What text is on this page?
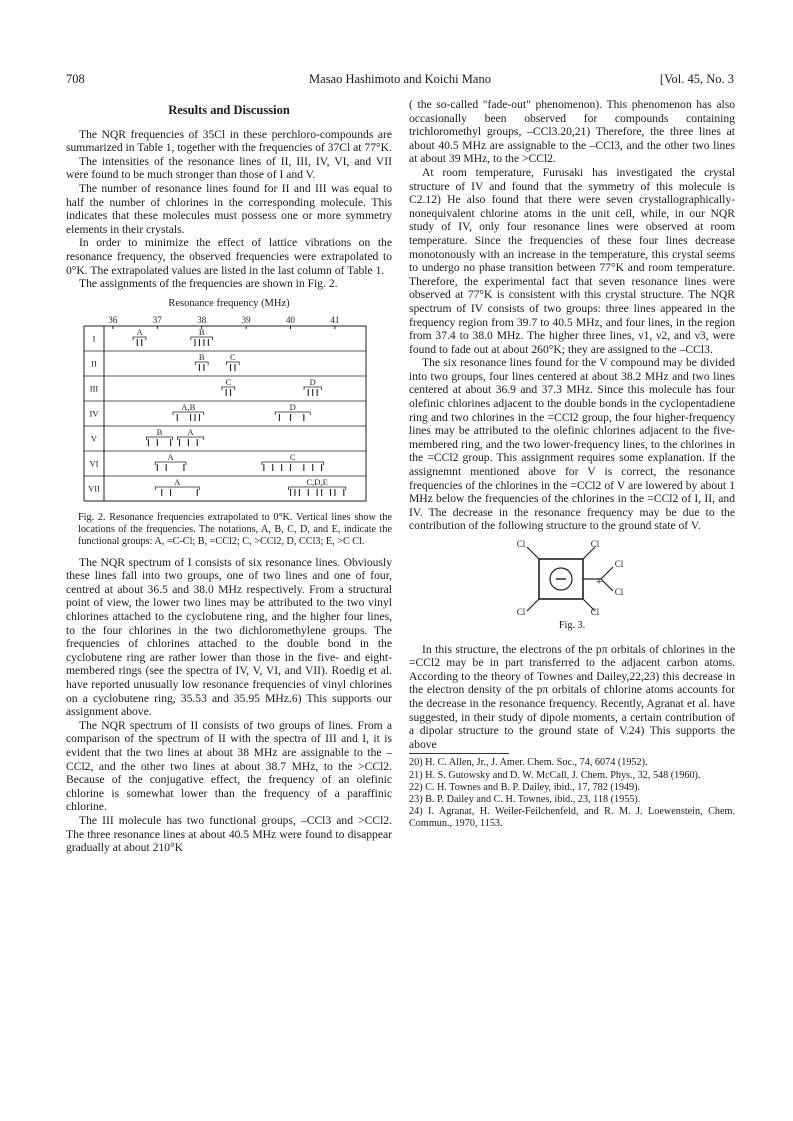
708	Masao Hashimoto and Koichi Mano	[Vol. 45, No. 3
Results and Discussion

The NQR frequencies of 35Cl in these perchloro-compounds are summarized in Table 1, together with the frequencies of 37Cl at 77°K.

The intensities of the resonance lines of II, III, IV, VI, and VII were found to be much stronger than those of I and V.

The number of resonance lines found for II and III was equal to half the number of chlorines in the corresponding molecule. This indicates that these molecules must possess one or more symmetry elements in their crystals.

In order to minimize the effect of lattice vibrations on the resonance frequency, the observed frequencies were extrapolated to 0°K. The extrapolated values are listed in the last column of Table 1.

The assignments of the frequencies are shown in Fig. 2.

Resonance frequency (MHz)
36	37	38	39	40	41
I
A	B
II
B	C
III
C	D
IV
A,B	D
V
B	A
VI
A	C
VII
A	C,D,E
Fig. 2. Resonance frequencies extrapolated to 0°K. Vertical lines show the locations of the frequencies. The notations, A, B, C, D, and E, indicate the functional groups: A, =C-Cl; B, =CCl2; C, >CCl2, D, CCl3; E, >C Cl.

The NQR spectrum of I consists of six resonance lines. Obviously these lines fall into two groups, one of two lines and one of four, centred at about 36.5 and 38.0 MHz respectively. From a structural point of view, the lower two lines may be attributed to the two vinyl chlorines attached to the cyclobutene ring, and the higher four lines, to the four chlorines in the two dichloromethylene groups. The frequencies of chlorines attached to the double bond in the cyclobutene ring are rather lower than those in the five- and eight-membered rings (see the spectra of IV, V, VI, and VII). Roedig et al. have reported unusually low resonance frequencies of vinyl chlorines on a cyclobutene ring, 35.53 and 35.95 MHz.6) This supports our assignment above.

The NQR spectrum of II consists of two groups of lines. From a comparison of the spectrum of II with the spectra of III and I, it is evident that the two lines at about 38 MHz are assignable to the –CCl2, and the other two lines at about 38.7 MHz, to the >CCl2. Because of the conjugative effect, the frequency of an olefinic chlorine is somewhat lower than the frequency of a paraffinic chlorine.

The III molecule has two functional groups, –CCl3 and >CCl2. The three resonance lines at about 40.5 MHz were found to disappear gradually at about 210°K

( the so-called "fade-out" phenomenon). This phenomenon has also occasionally been observed for compounds containing trichloromethyl groups, –CCl3.20,21) Therefore, the three lines at about 40.5 MHz are assignable to the –CCl3, and the other two lines at about 39 MHz, to the >CCl2.

At room temperature, Furusaki has investigated the crystal structure of IV and found that the symmetry of this molecule is C2.12) He also found that there were seven crystallographically-nonequivalent chlorine atoms in the unit cell, while, in our NQR study of IV, only four resonance lines were observed at room temperature. Since the frequencies of these four lines decrease monotonously with an increase in the temperature, this crystal seems to undergo no phase transition between 77°K and room temperature. Therefore, the experimental fact that seven resonance lines were observed at 77°K is consistent with this crystal structure. The NQR spectrum of IV consists of two groups: three lines appeared in the frequency region from 39.7 to 40.5 MHz, and four lines, in the region from 37.4 to 38.0 MHz. The higher three lines, ν1, ν2, and ν3, were found to fade out at about 260°K; they are assigned to the –CCl3.

The six resonance lines found for the V compound may be divided into two groups, four lines centered at about 38.2 MHz and two lines centered at about 36.9 and 37.3 MHz. Since this molecule has four olefinic chlorines adjacent to the double bonds in the cyclopentadiene ring and two chlorines in the =CCl2 group, the four higher-frequency lines may be attributed to the olefinic chlorines adjacent to the five-membered ring, and the two lower-frequency lines, to the chlorines in the =CCl2 group. This assignment requires some explanation. If the assignemnt mentioned above for V is correct, the resonance frequencies of the chlorines in the =CCl2 of V are lowered by about 1 MHz below the frequencies of the chlorines in the =CCl2 of I, II, and IV. The decrease in the resonance frequency may be due to the contribution of the following structure to the ground state of V.

+
Cl	Cl
Cl	Cl
Cl
Cl
Fig. 3.

In this structure, the electrons of the pπ orbitals of chlorines in the =CCl2 may be in part transferred to the adjacent carbon atoms. According to the theory of Townes and Dailey,22,23) this decrease in the electron density of the pπ orbitals of chlorine atoms accounts for the decrease in the resonance frequency. Recently, Agranat et al. have suggested, in their study of dipole moments, a certain contribution of a dipolar structure to the ground state of V.24) This supports the above

20) H. C. Allen, Jr., J. Amer. Chem. Soc., 74, 6074 (1952).
21) H. S. Gutowsky and D. W. McCall, J. Chem. Phys., 32, 548 (1960).
22) C. H. Townes and B. P. Dailey, ibid., 17, 782 (1949).
23) B. P. Dailey and C. H. Townes, ibid., 23, 118 (1955).
24) I. Agranat, H. Weiler-Feilchenfeld, and R. M. J. Loewenstein, Chem. Commun., 1970, 1153.
